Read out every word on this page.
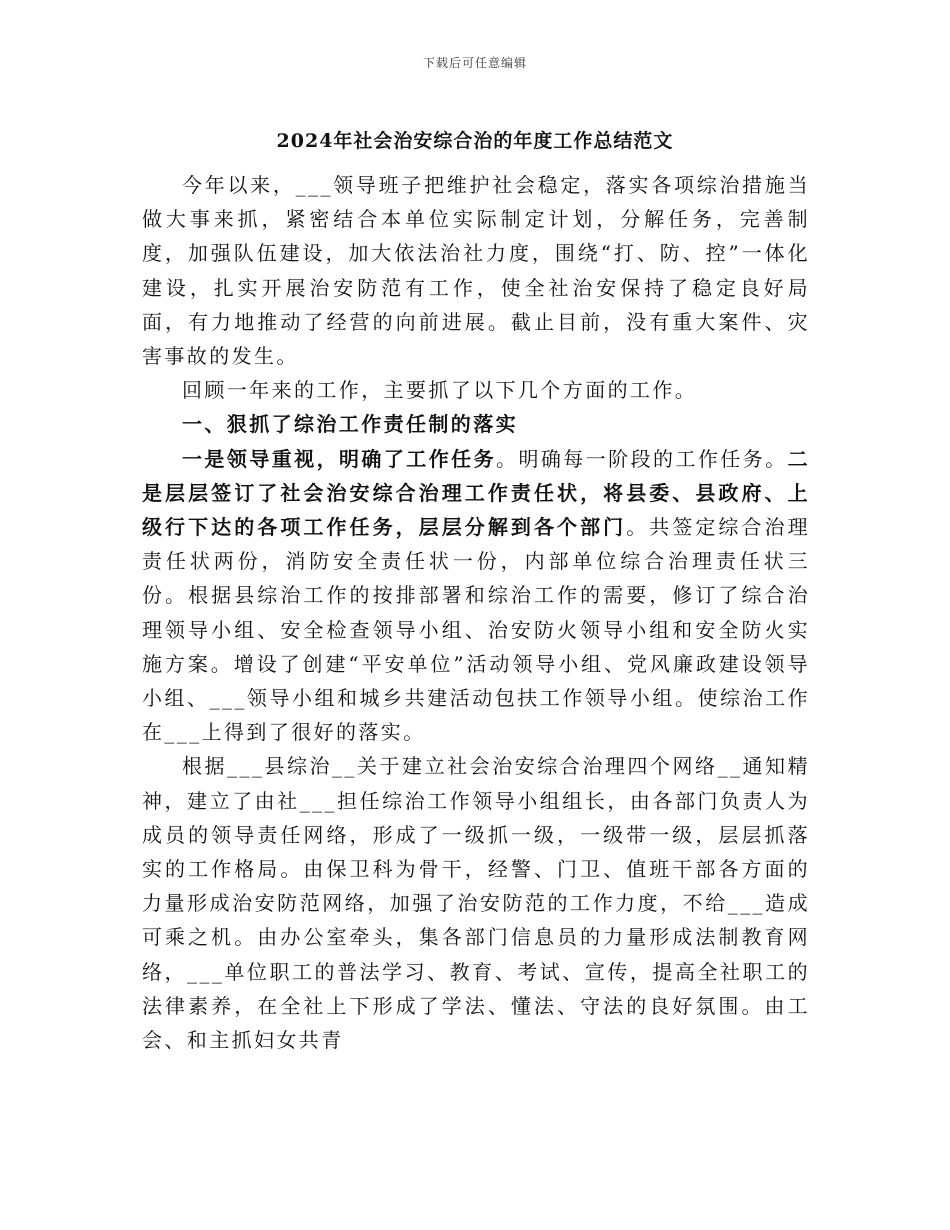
下载后可任意编辑
2024年社会治安综合治的年度工作总结范文

今年以来，___领导班子把维护社会稳定，落实各项综治措施当做大事来抓，紧密结合本单位实际制定计划，分解任务，完善制度，加强队伍建设，加大依法治社力度，围绕“打、防、控”一体化建设，扎实开展治安防范有工作，使全社治安保持了稳定良好局面，有力地推动了经营的向前进展。截止目前，没有重大案件、灾害事故的发生。

回顾一年来的工作，主要抓了以下几个方面的工作。

一、狠抓了综治工作责任制的落实

一是领导重视，明确了工作任务。明确每一阶段的工作任务。二是层层签订了社会治安综合治理工作责任状，将县委、县政府、上级行下达的各项工作任务，层层分解到各个部门。共签定综合治理责任状两份，消防安全责任状一份，内部单位综合治理责任状三份。根据县综治工作的按排部署和综治工作的需要，修订了综合治理领导小组、安全检查领导小组、治安防火领导小组和安全防火实施方案。增设了创建“平安单位”活动领导小组、党风廉政建设领导小组、___领导小组和城乡共建活动包扶工作领导小组。使综治工作在___上得到了很好的落实。

根据___县综治__关于建立社会治安综合治理四个网络__通知精神，建立了由社___担任综治工作领导小组组长，由各部门负责人为成员的领导责任网络，形成了一级抓一级，一级带一级，层层抓落实的工作格局。由保卫科为骨干，经警、门卫、值班干部各方面的力量形成治安防范网络，加强了治安防范的工作力度，不给___造成可乘之机。由办公室牵头，集各部门信息员的力量形成法制教育网络，___单位职工的普法学习、教育、考试、宣传，提高全社职工的法律素养，在全社上下形成了学法、懂法、守法的良好氛围。由工会、和主抓妇女共青
